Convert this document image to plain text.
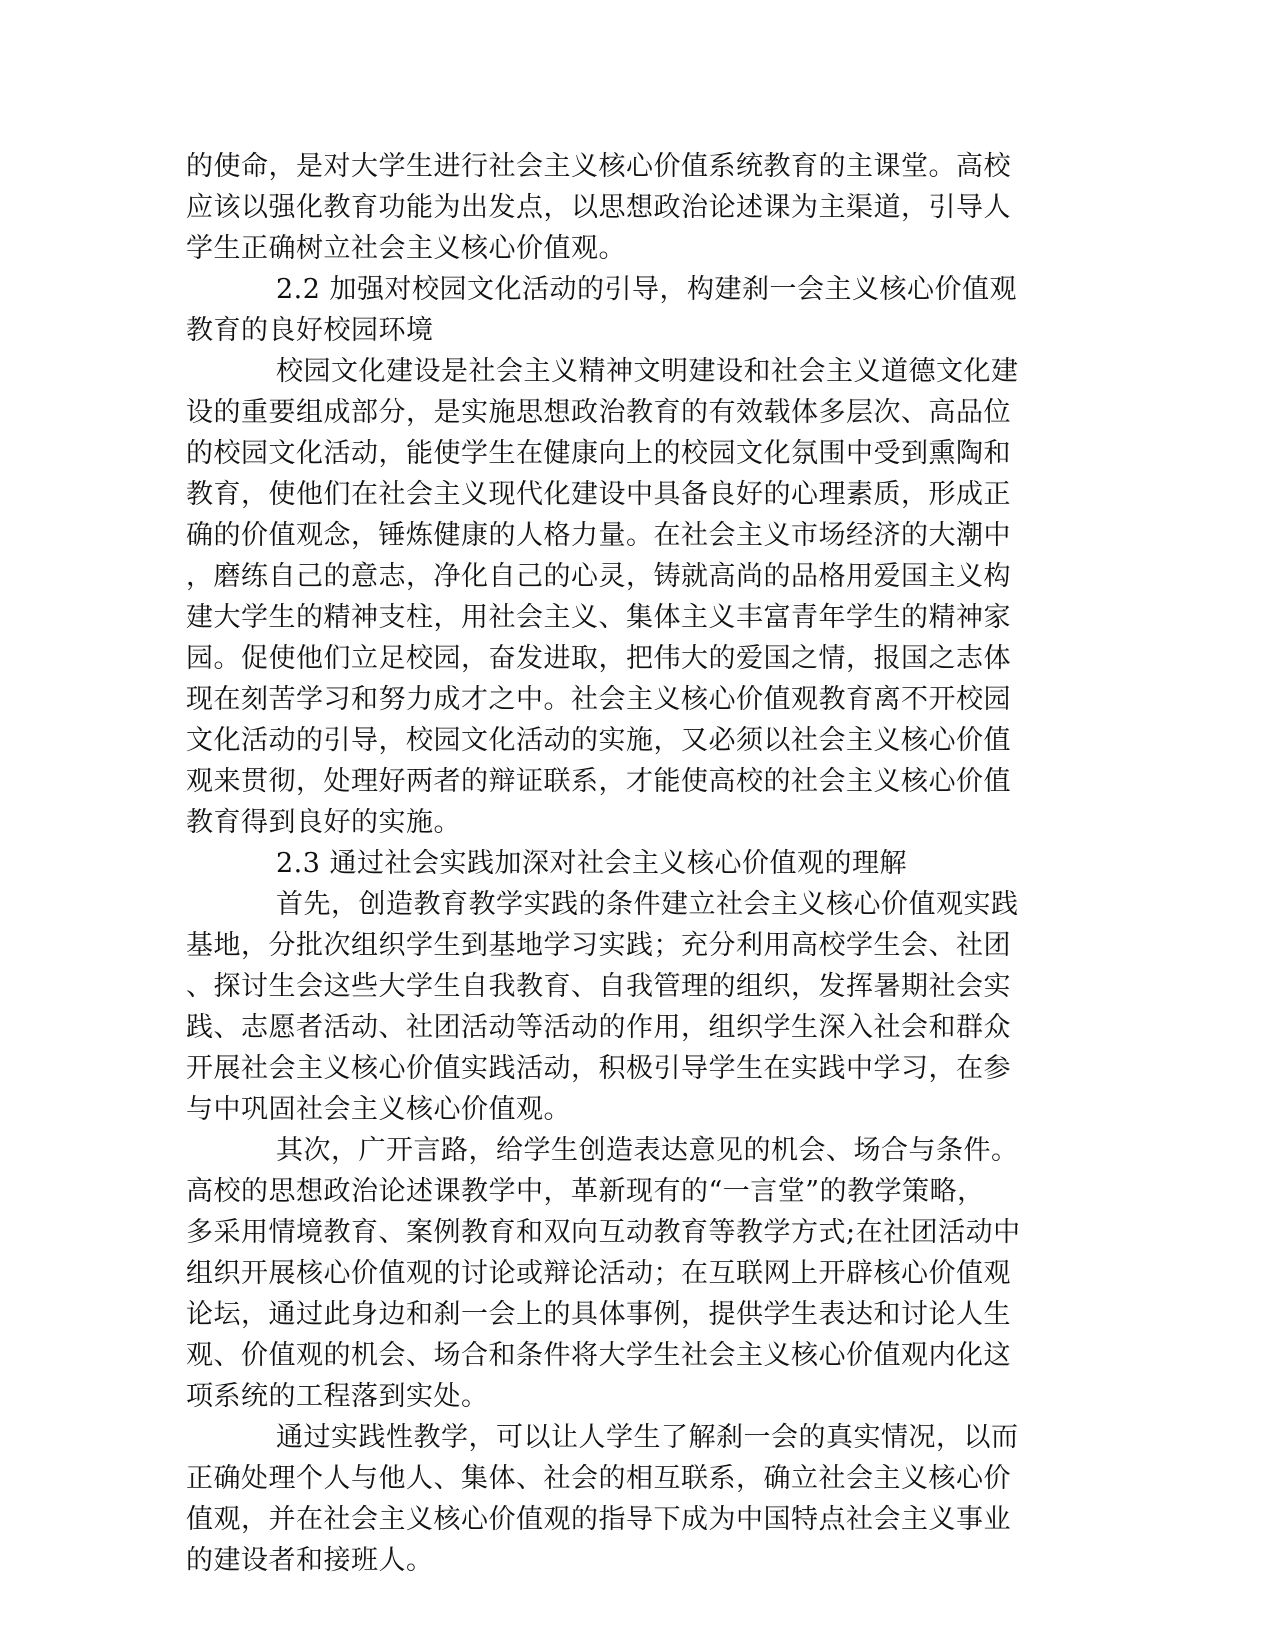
的使命，是对大学生进行社会主义核心价值系统教育的主课堂。高校
应该以强化教育功能为出发点，以思想政治论述课为主渠道，引导人
学生正确树立社会主义核心价值观。
2.2 加强对校园文化活动的引导，构建刹一会主义核心价值观
教育的良好校园环境
校园文化建设是社会主义精神文明建设和社会主义道德文化建
设的重要组成部分，是实施思想政治教育的有效载体多层次、高品位
的校园文化活动，能使学生在健康向上的校园文化氛围中受到熏陶和
教育，使他们在社会主义现代化建设中具备良好的心理素质，形成正
确的价值观念，锤炼健康的人格力量。在社会主义市场经济的大潮中
，磨练自己的意志，净化自己的心灵，铸就高尚的品格用爱国主义构
建大学生的精神支柱，用社会主义、集体主义丰富青年学生的精神家
园。促使他们立足校园，奋发进取，把伟大的爱国之情，报国之志体
现在刻苦学习和努力成才之中。社会主义核心价值观教育离不开校园
文化活动的引导，校园文化活动的实施，又必须以社会主义核心价值
观来贯彻，处理好两者的辩证联系，才能使高校的社会主义核心价值
教育得到良好的实施。
2.3 通过社会实践加深对社会主义核心价值观的理解
首先，创造教育教学实践的条件建立社会主义核心价值观实践
基地，分批次组织学生到基地学习实践；充分利用高校学生会、社团
、探讨生会这些大学生自我教育、自我管理的组织，发挥暑期社会实
践、志愿者活动、社团活动等活动的作用，组织学生深入社会和群众
开展社会主义核心价值实践活动，积极引导学生在实践中学习，在参
与中巩固社会主义核心价值观。
其次，广开言路，给学生创造表达意见的机会、场合与条件。
高校的思想政治论述课教学中，革新现有的“一言堂”的教学策略，
多采用情境教育、案例教育和双向互动教育等教学方式;在社团活动中
组织开展核心价值观的讨论或辩论活动；在互联网上开辟核心价值观
论坛，通过此身边和刹一会上的具体事例，提供学生表达和讨论人生
观、价值观的机会、场合和条件将大学生社会主义核心价值观内化这
项系统的工程落到实处。
通过实践性教学，可以让人学生了解刹一会的真实情况，以而
正确处理个人与他人、集体、社会的相互联系，确立社会主义核心价
值观，并在社会主义核心价值观的指导下成为中国特点社会主义事业
的建设者和接班人。
